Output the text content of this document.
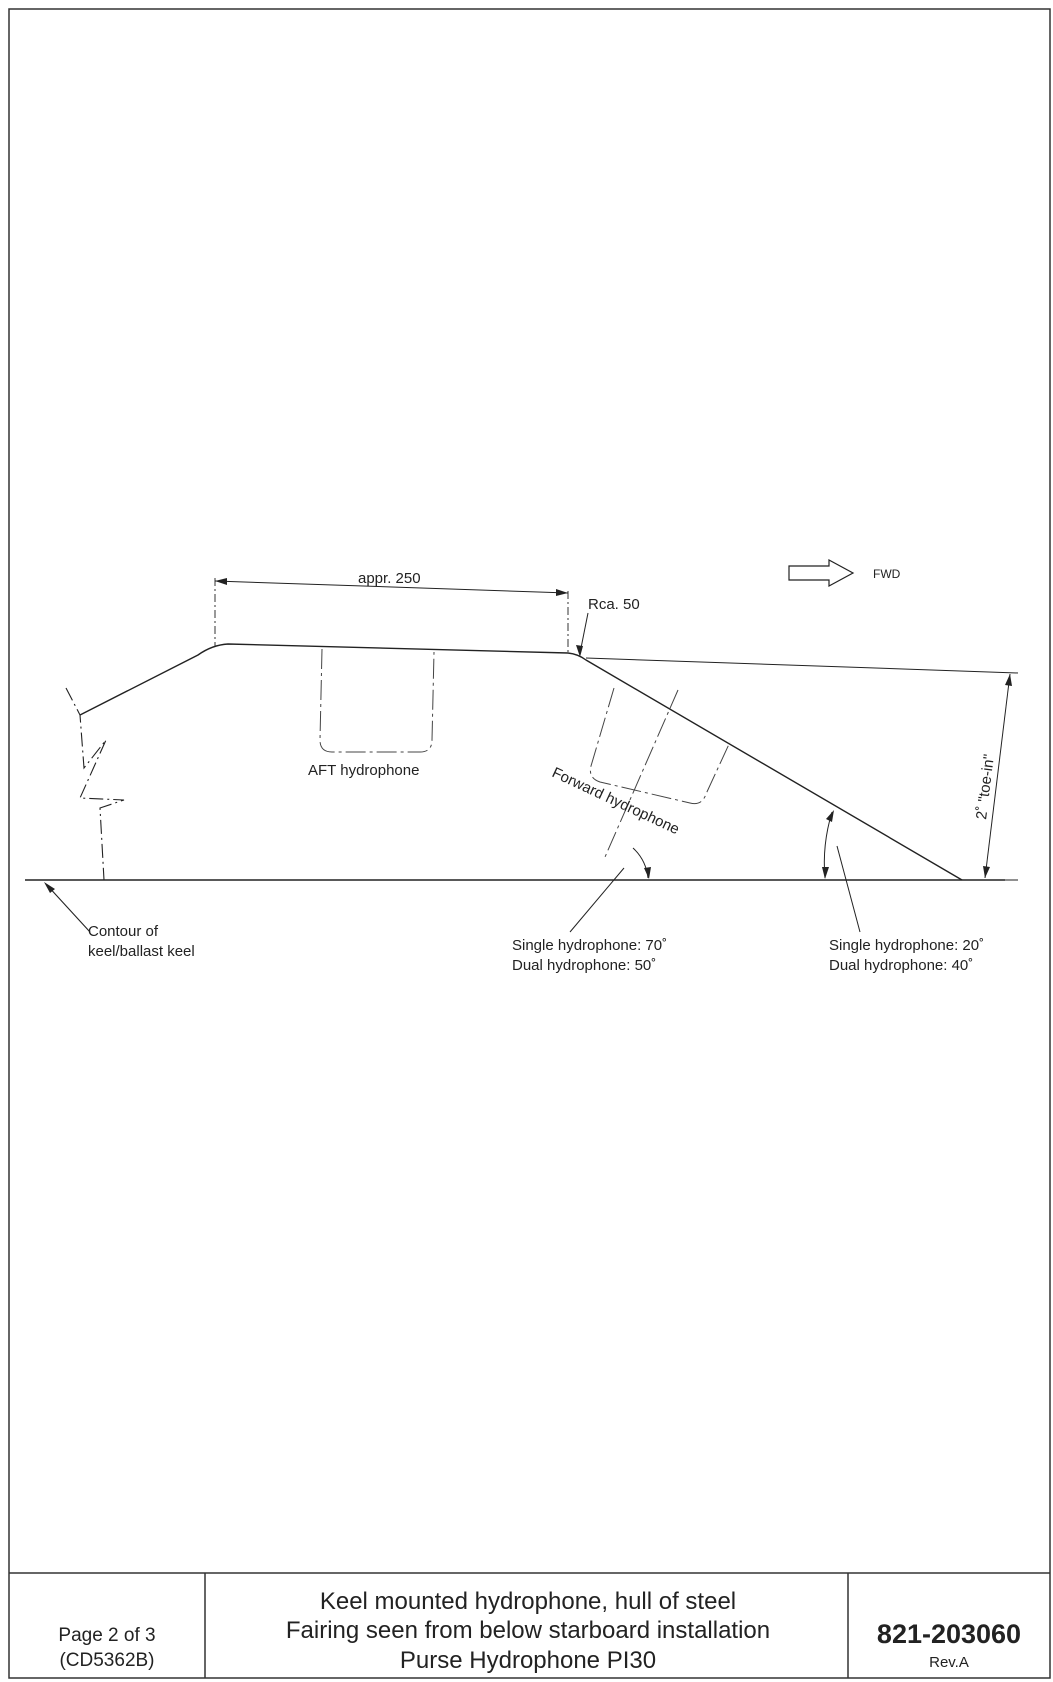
Page 2 of 3
(CD5362B)
Keel mounted hydrophone, hull of steel
Fairing seen from below starboard installation
Purse Hydrophone PI30
821-203060
Rev.A
Contour of
keel/ballast keel
appr. 250
Rca. 50
FWD
2˚ "toe-in"
AFT hydrophone	Forward hydrophone
Single hydrophone: 70˚
Dual hydrophone: 50˚
Single hydrophone: 20˚
Dual hydrophone: 40˚
